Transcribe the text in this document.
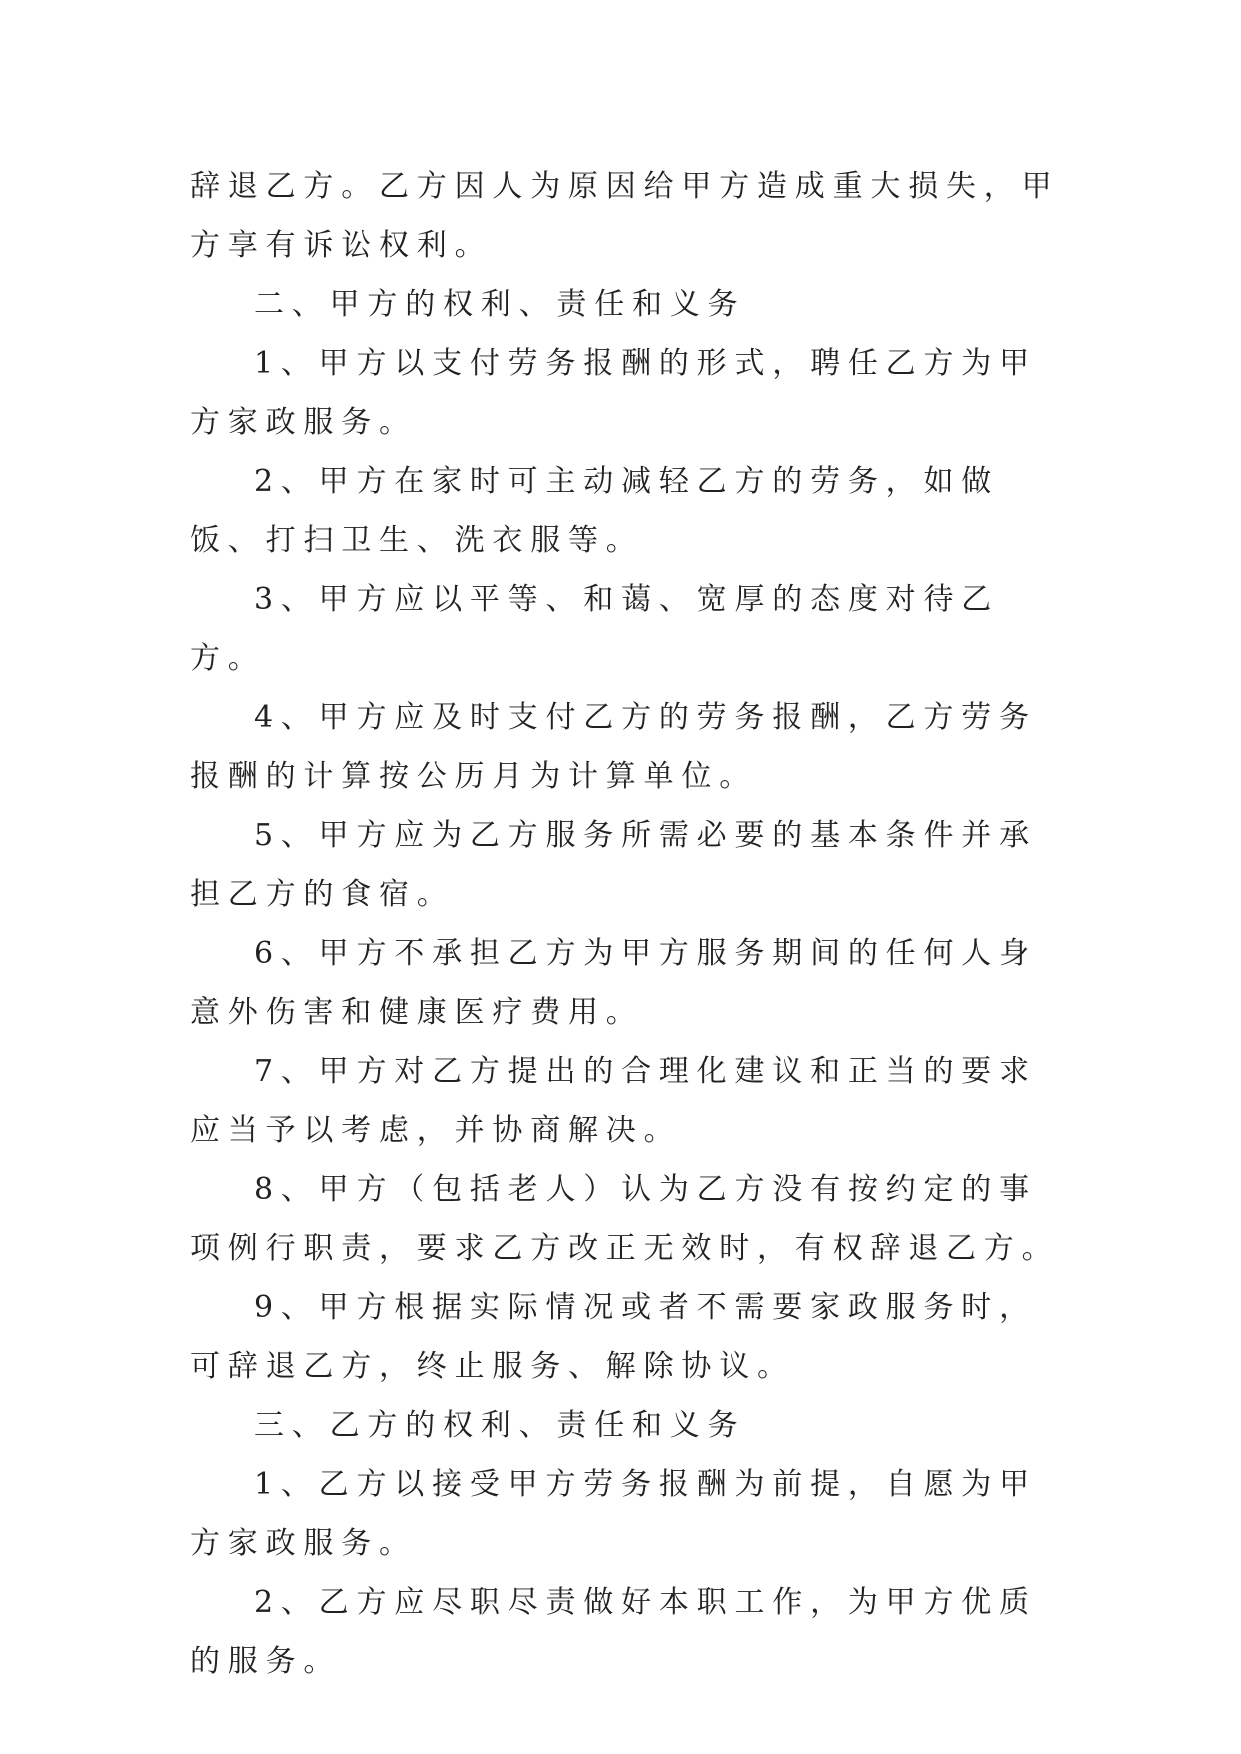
辞退乙方。乙方因人为原因给甲方造成重大损失，甲方享有诉讼权利。

二、甲方的权利、责任和义务

1、甲方以支付劳务报酬的形式，聘任乙方为甲方家政服务。

2、甲方在家时可主动减轻乙方的劳务，如做饭、打扫卫生、洗衣服等。

3、甲方应以平等、和蔼、宽厚的态度对待乙方。

4、甲方应及时支付乙方的劳务报酬，乙方劳务报酬的计算按公历月为计算单位。

5、甲方应为乙方服务所需必要的基本条件并承担乙方的食宿。

6、甲方不承担乙方为甲方服务期间的任何人身意外伤害和健康医疗费用。

7、甲方对乙方提出的合理化建议和正当的要求应当予以考虑，并协商解决。

8、甲方（包括老人）认为乙方没有按约定的事项例行职责，要求乙方改正无效时，有权辞退乙方。

9、甲方根据实际情况或者不需要家政服务时，可辞退乙方，终止服务、解除协议。

三、乙方的权利、责任和义务

1、乙方以接受甲方劳务报酬为前提，自愿为甲方家政服务。

2、乙方应尽职尽责做好本职工作，为甲方优质的服务。
